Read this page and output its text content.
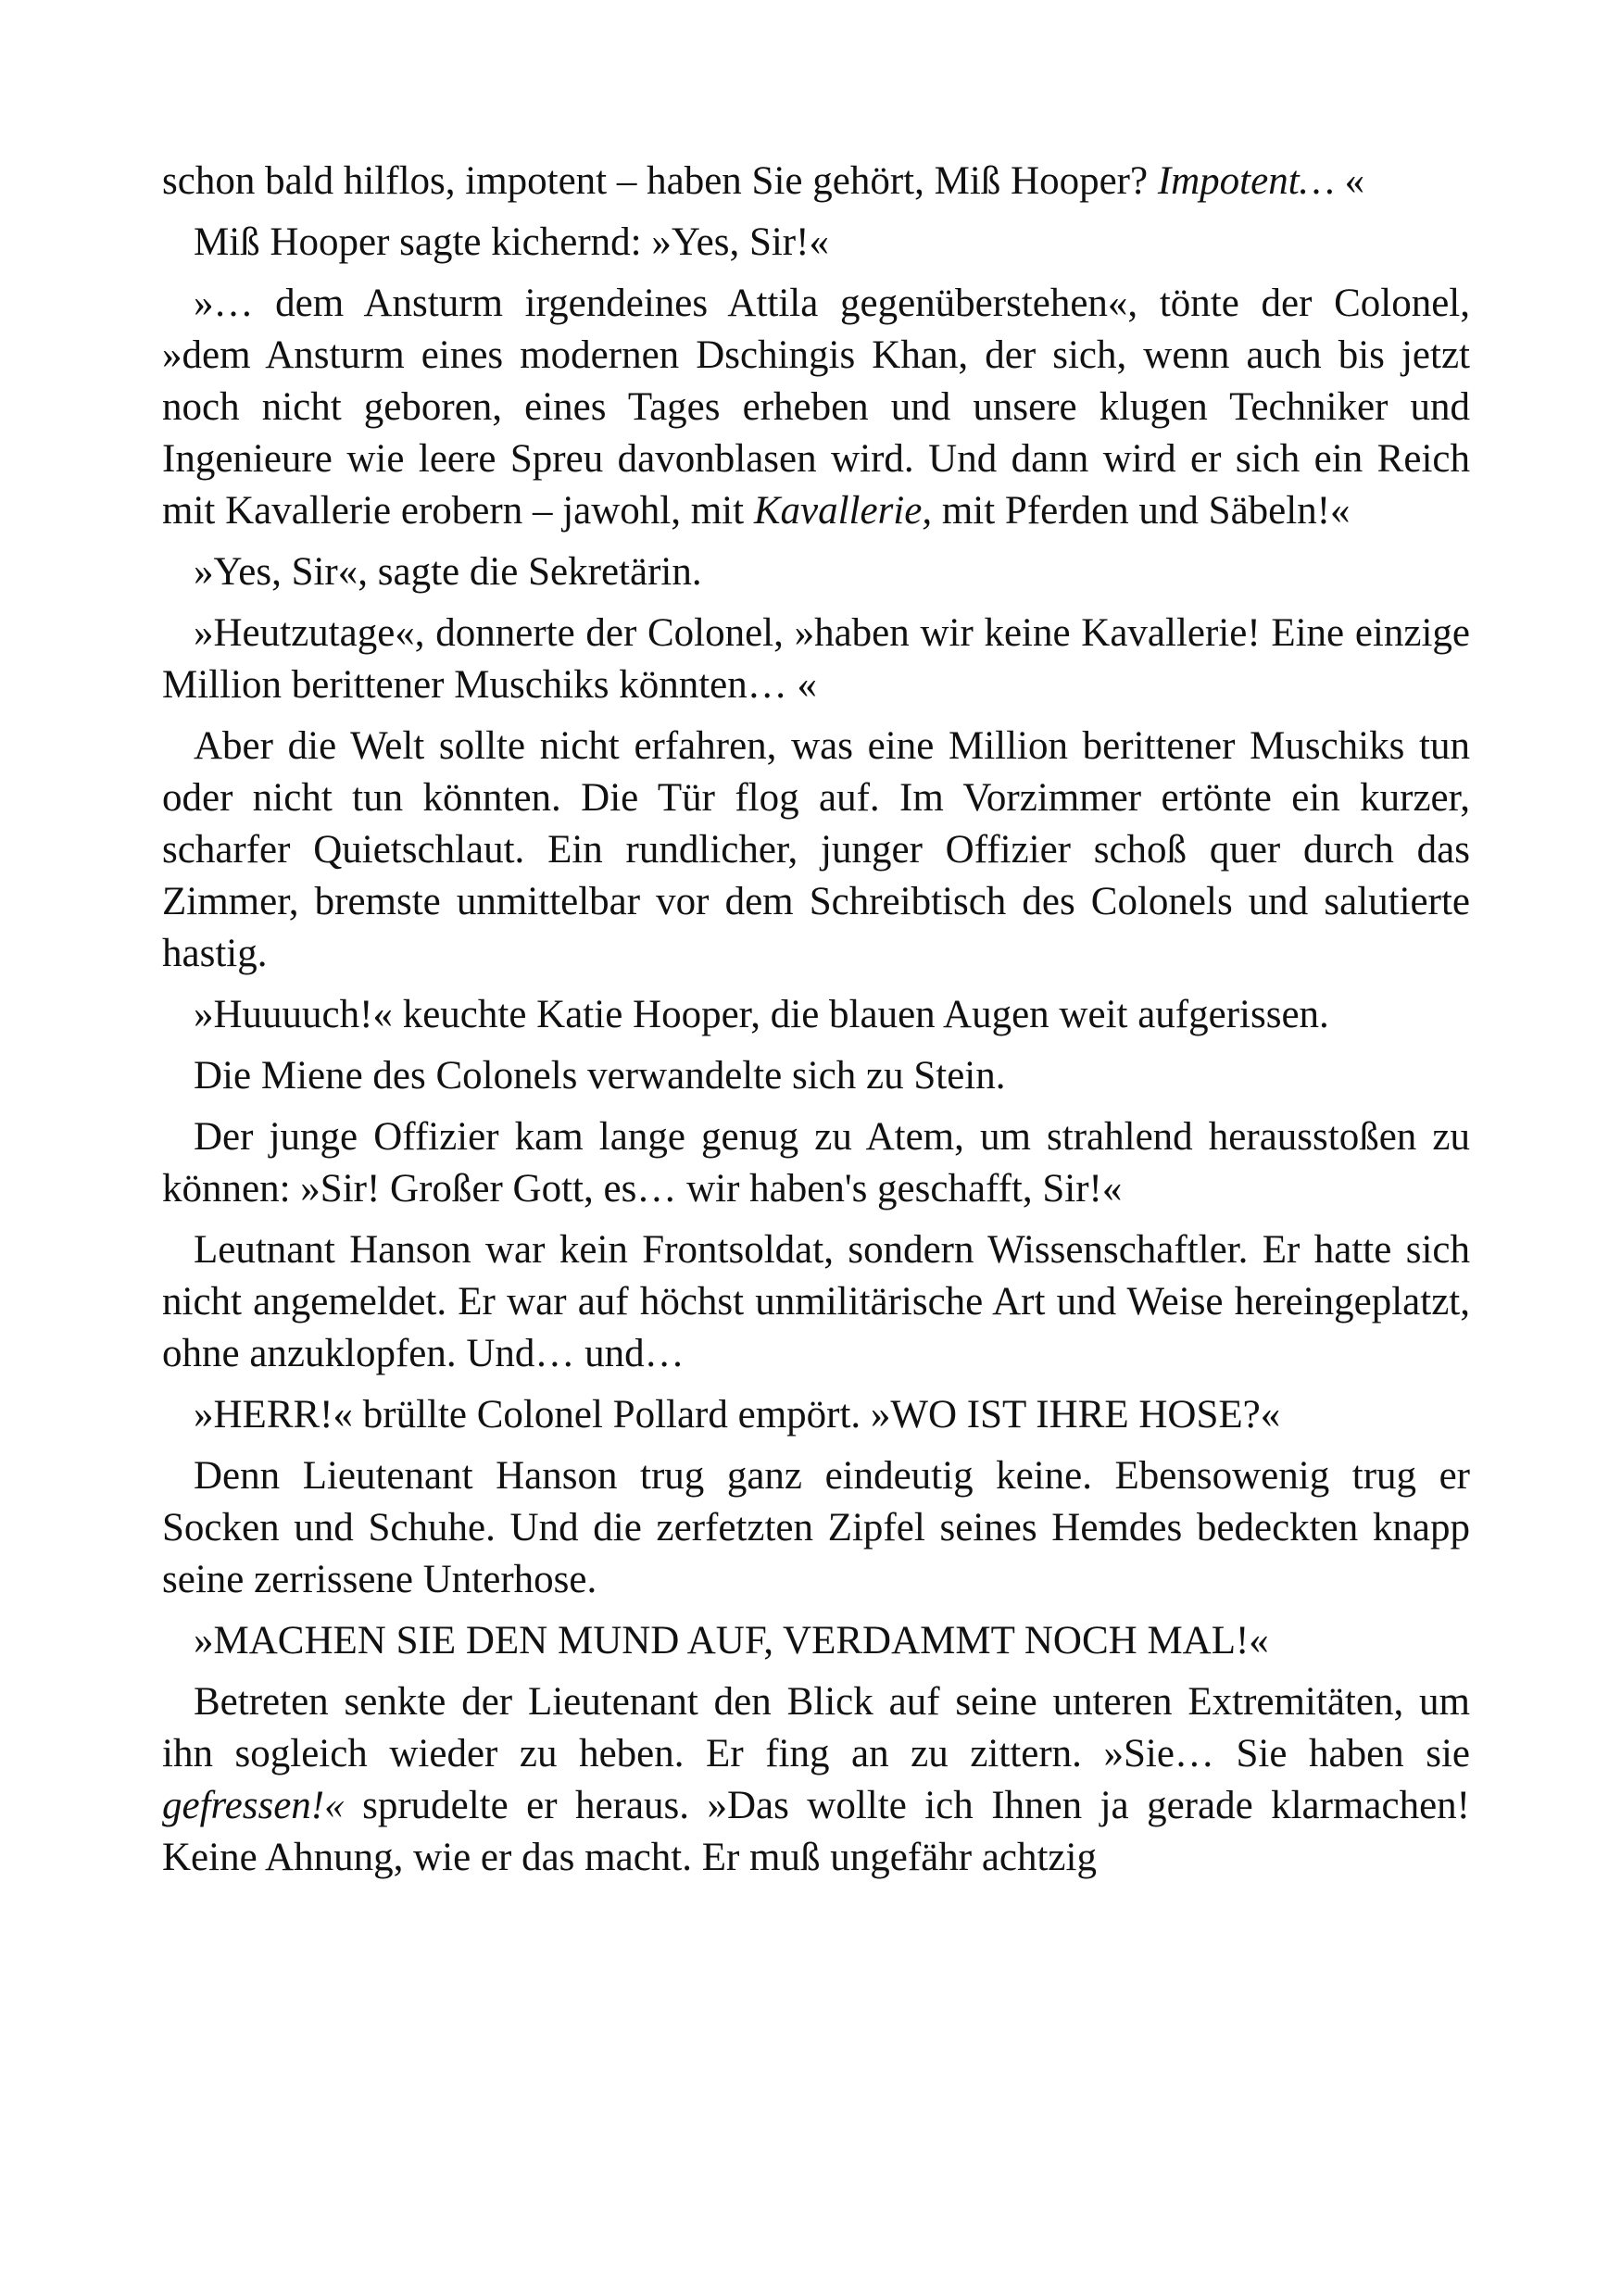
schon bald hilflos, impotent – haben Sie gehört, Miß Hooper? Impotent… «

Miß Hooper sagte kichernd: »Yes, Sir!«

»… dem Ansturm irgendeines Attila gegenüberstehen«, tönte der Colonel, »dem Ansturm eines modernen Dschingis Khan, der sich, wenn auch bis jetzt noch nicht geboren, eines Tages erheben und unsere klugen Techniker und Ingenieure wie leere Spreu davonblasen wird. Und dann wird er sich ein Reich mit Kavallerie erobern – jawohl, mit Kavallerie, mit Pferden und Säbeln!«

»Yes, Sir«, sagte die Sekretärin.

»Heutzutage«, donnerte der Colonel, »haben wir keine Kavallerie! Eine einzige Million berittener Muschiks könnten… «

Aber die Welt sollte nicht erfahren, was eine Million berittener Muschiks tun oder nicht tun könnten. Die Tür flog auf. Im Vorzimmer ertönte ein kurzer, scharfer Quietschlaut. Ein rundlicher, junger Offizier schoß quer durch das Zimmer, bremste unmittelbar vor dem Schreibtisch des Colonels und salutierte hastig.

»Huuuuch!« keuchte Katie Hooper, die blauen Augen weit aufgerissen.

Die Miene des Colonels verwandelte sich zu Stein.

Der junge Offizier kam lange genug zu Atem, um strahlend herausstoßen zu können: »Sir! Großer Gott, es… wir haben's geschafft, Sir!«

Leutnant Hanson war kein Frontsoldat, sondern Wissenschaftler. Er hatte sich nicht angemeldet. Er war auf höchst unmilitärische Art und Weise hereingeplatzt, ohne anzuklopfen. Und… und…

»HERR!« brüllte Colonel Pollard empört. »WO IST IHRE HOSE?«

Denn Lieutenant Hanson trug ganz eindeutig keine. Ebensowenig trug er Socken und Schuhe. Und die zerfetzten Zipfel seines Hemdes bedeckten knapp seine zerrissene Unterhose.

»MACHEN SIE DEN MUND AUF, VERDAMMT NOCH MAL!«

Betreten senkte der Lieutenant den Blick auf seine unteren Extremitäten, um ihn sogleich wieder zu heben. Er fing an zu zittern. »Sie… Sie haben sie gefressen!« sprudelte er heraus. »Das wollte ich Ihnen ja gerade klarmachen! Keine Ahnung, wie er das macht. Er muß ungefähr achtzig
